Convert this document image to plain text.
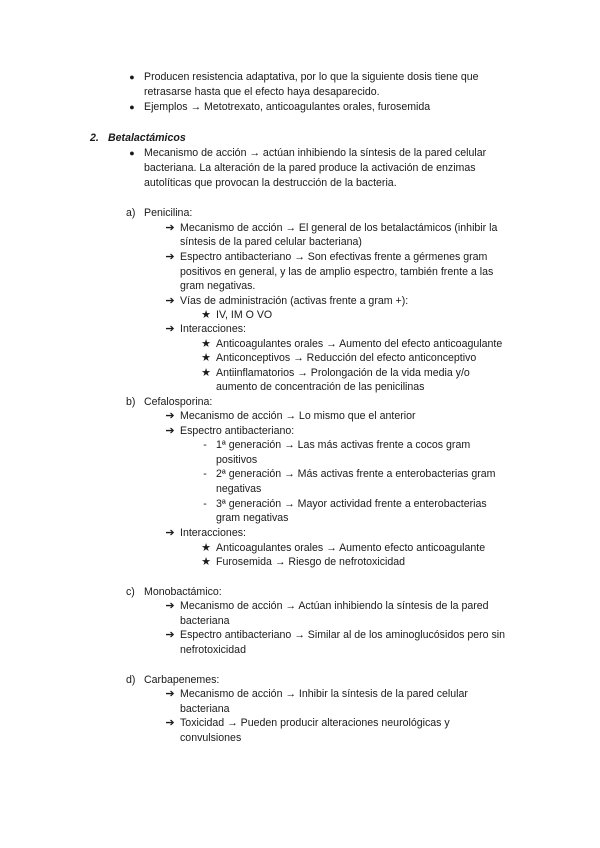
● Producen resistencia adaptativa, por lo que la siguiente dosis tiene que
retrasarse hasta que el efecto haya desaparecido.
● Ejemplos → Metotrexato, anticoagulantes orales, furosemida
2. Betalactámicos
● Mecanismo de acción → actúan inhibiendo la síntesis de la pared celular
bacteriana. La alteración de la pared produce la activación de enzimas
autolíticas que provocan la destrucción de la bacteria.
a) Penicilina:
➔ Mecanismo de acción → El general de los betalactámicos (inhibir la
síntesis de la pared celular bacteriana)
➔ Espectro antibacteriano → Son efectivas frente a gérmenes gram
positivos en general, y las de amplio espectro, también frente a las
gram negativas.
➔ Vías de administración (activas frente a gram +):
★ IV, IM O VO
➔ Interacciones:
★ Anticoagulantes orales → Aumento del efecto anticoagulante
★ Anticonceptivos → Reducción del efecto anticonceptivo
★ Antiinflamatorios → Prolongación de la vida media y/o
aumento de concentración de las penicilinas
b) Cefalosporina:
➔ Mecanismo de acción → Lo mismo que el anterior
➔ Espectro antibacteriano:
- 1ª generación → Las más activas frente a cocos gram
positivos
- 2ª generación → Más activas frente a enterobacterias gram
negativas
- 3ª generación → Mayor actividad frente a enterobacterias
gram negativas
➔ Interacciones:
★ Anticoagulantes orales → Aumento efecto anticoagulante
★ Furosemida → Riesgo de nefrotoxicidad
c) Monobactámico:
➔ Mecanismo de acción → Actúan inhibiendo la síntesis de la pared
bacteriana
➔ Espectro antibacteriano → Similar al de los aminoglucósidos pero sin
nefrotoxicidad
d) Carbapenemes:
➔ Mecanismo de acción → Inhibir la síntesis de la pared celular
bacteriana
➔ Toxicidad → Pueden producir alteraciones neurológicas y
convulsiones
